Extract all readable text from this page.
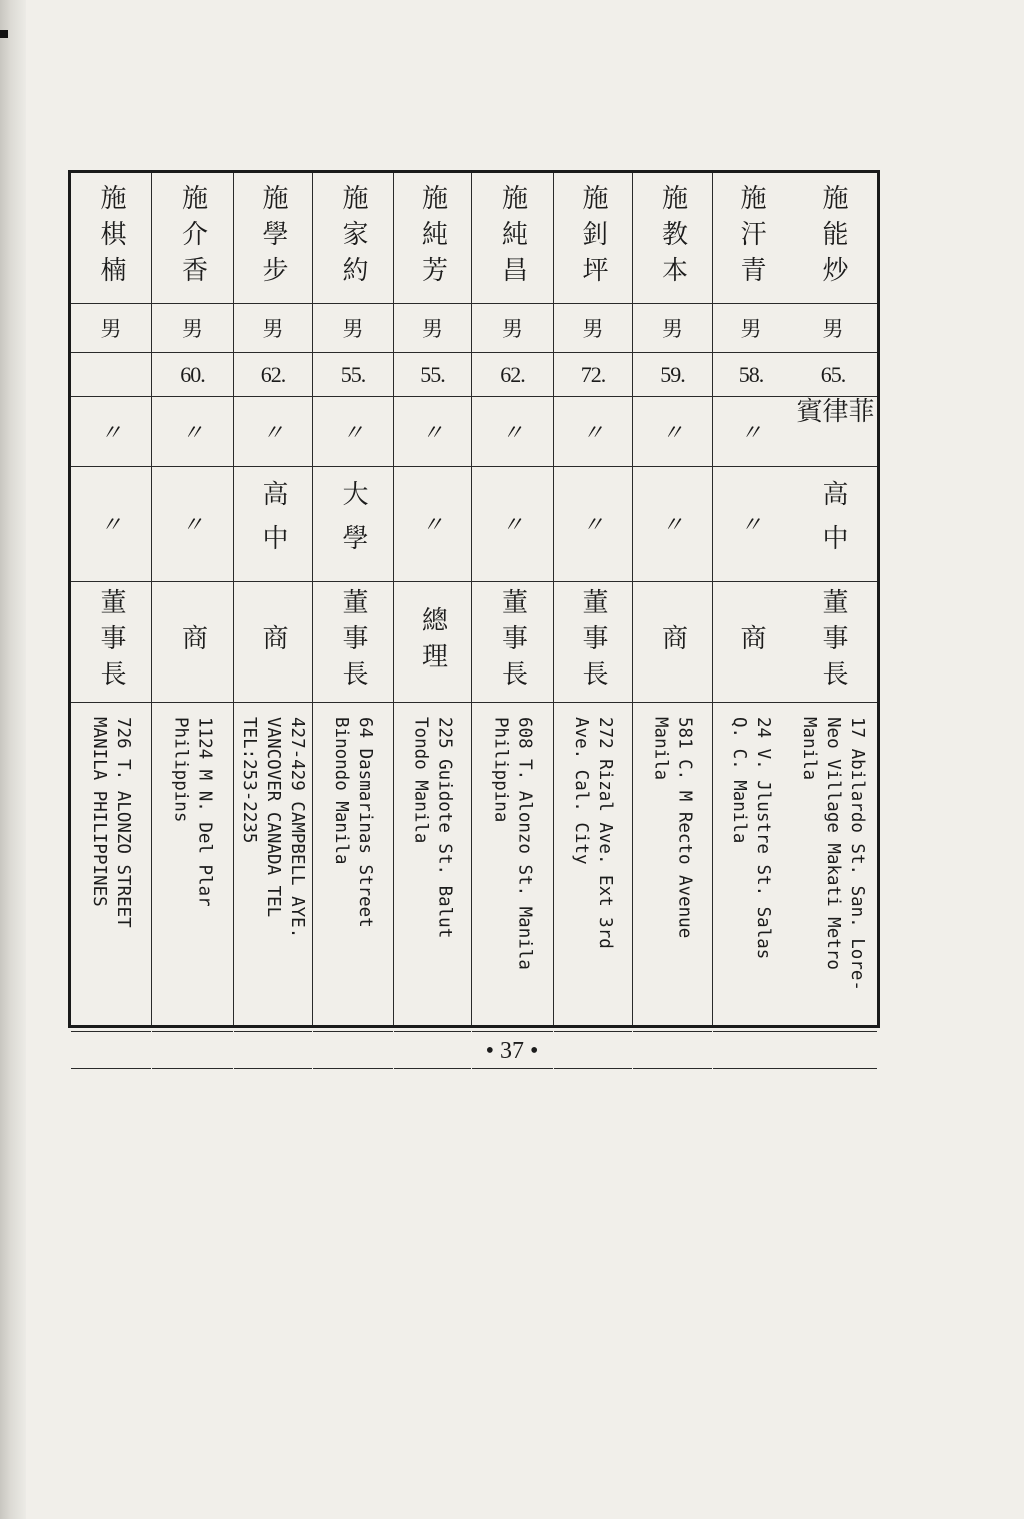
施能炒
男
65.
菲律賓
高中
董事長
17 Abilardo St. San. Lore-
Neo Village Makati Metro
Manila
施汗青
男
58.
〃
〃
商
24 V. Jlustre St. Salas
Q. C. Manila
施教本
男
59.
〃
〃
商
581 C. M Recto Avenue
Manila
施釗坪
男
72.
〃
〃
董事長
272 Rizal Ave. Ext 3rd
Ave. Cal. City
施純昌
男
62.
〃
〃
董事長
608 T. Alonzo St. Manila
Philippina
施純芳
男
55.
〃
〃
總理
225 Guidote St. Balut
Tondo Manila
施家約
男
55.
〃
大學
董事長
64 Dasmarinas Street
Binondo Manila
施學步
男
62.
〃
高中
商
427-429 CAMPBELL AYE.
VANCOVER CANADA TEL
TEL:253-2235
施介香
男
60.
〃
〃
商
1124 M N. Del Plar
Philippins
施棋楠
男
〃
〃
董事長
726 T. ALONZO STREET
MANILA PHILIPPINES
• 37 •
